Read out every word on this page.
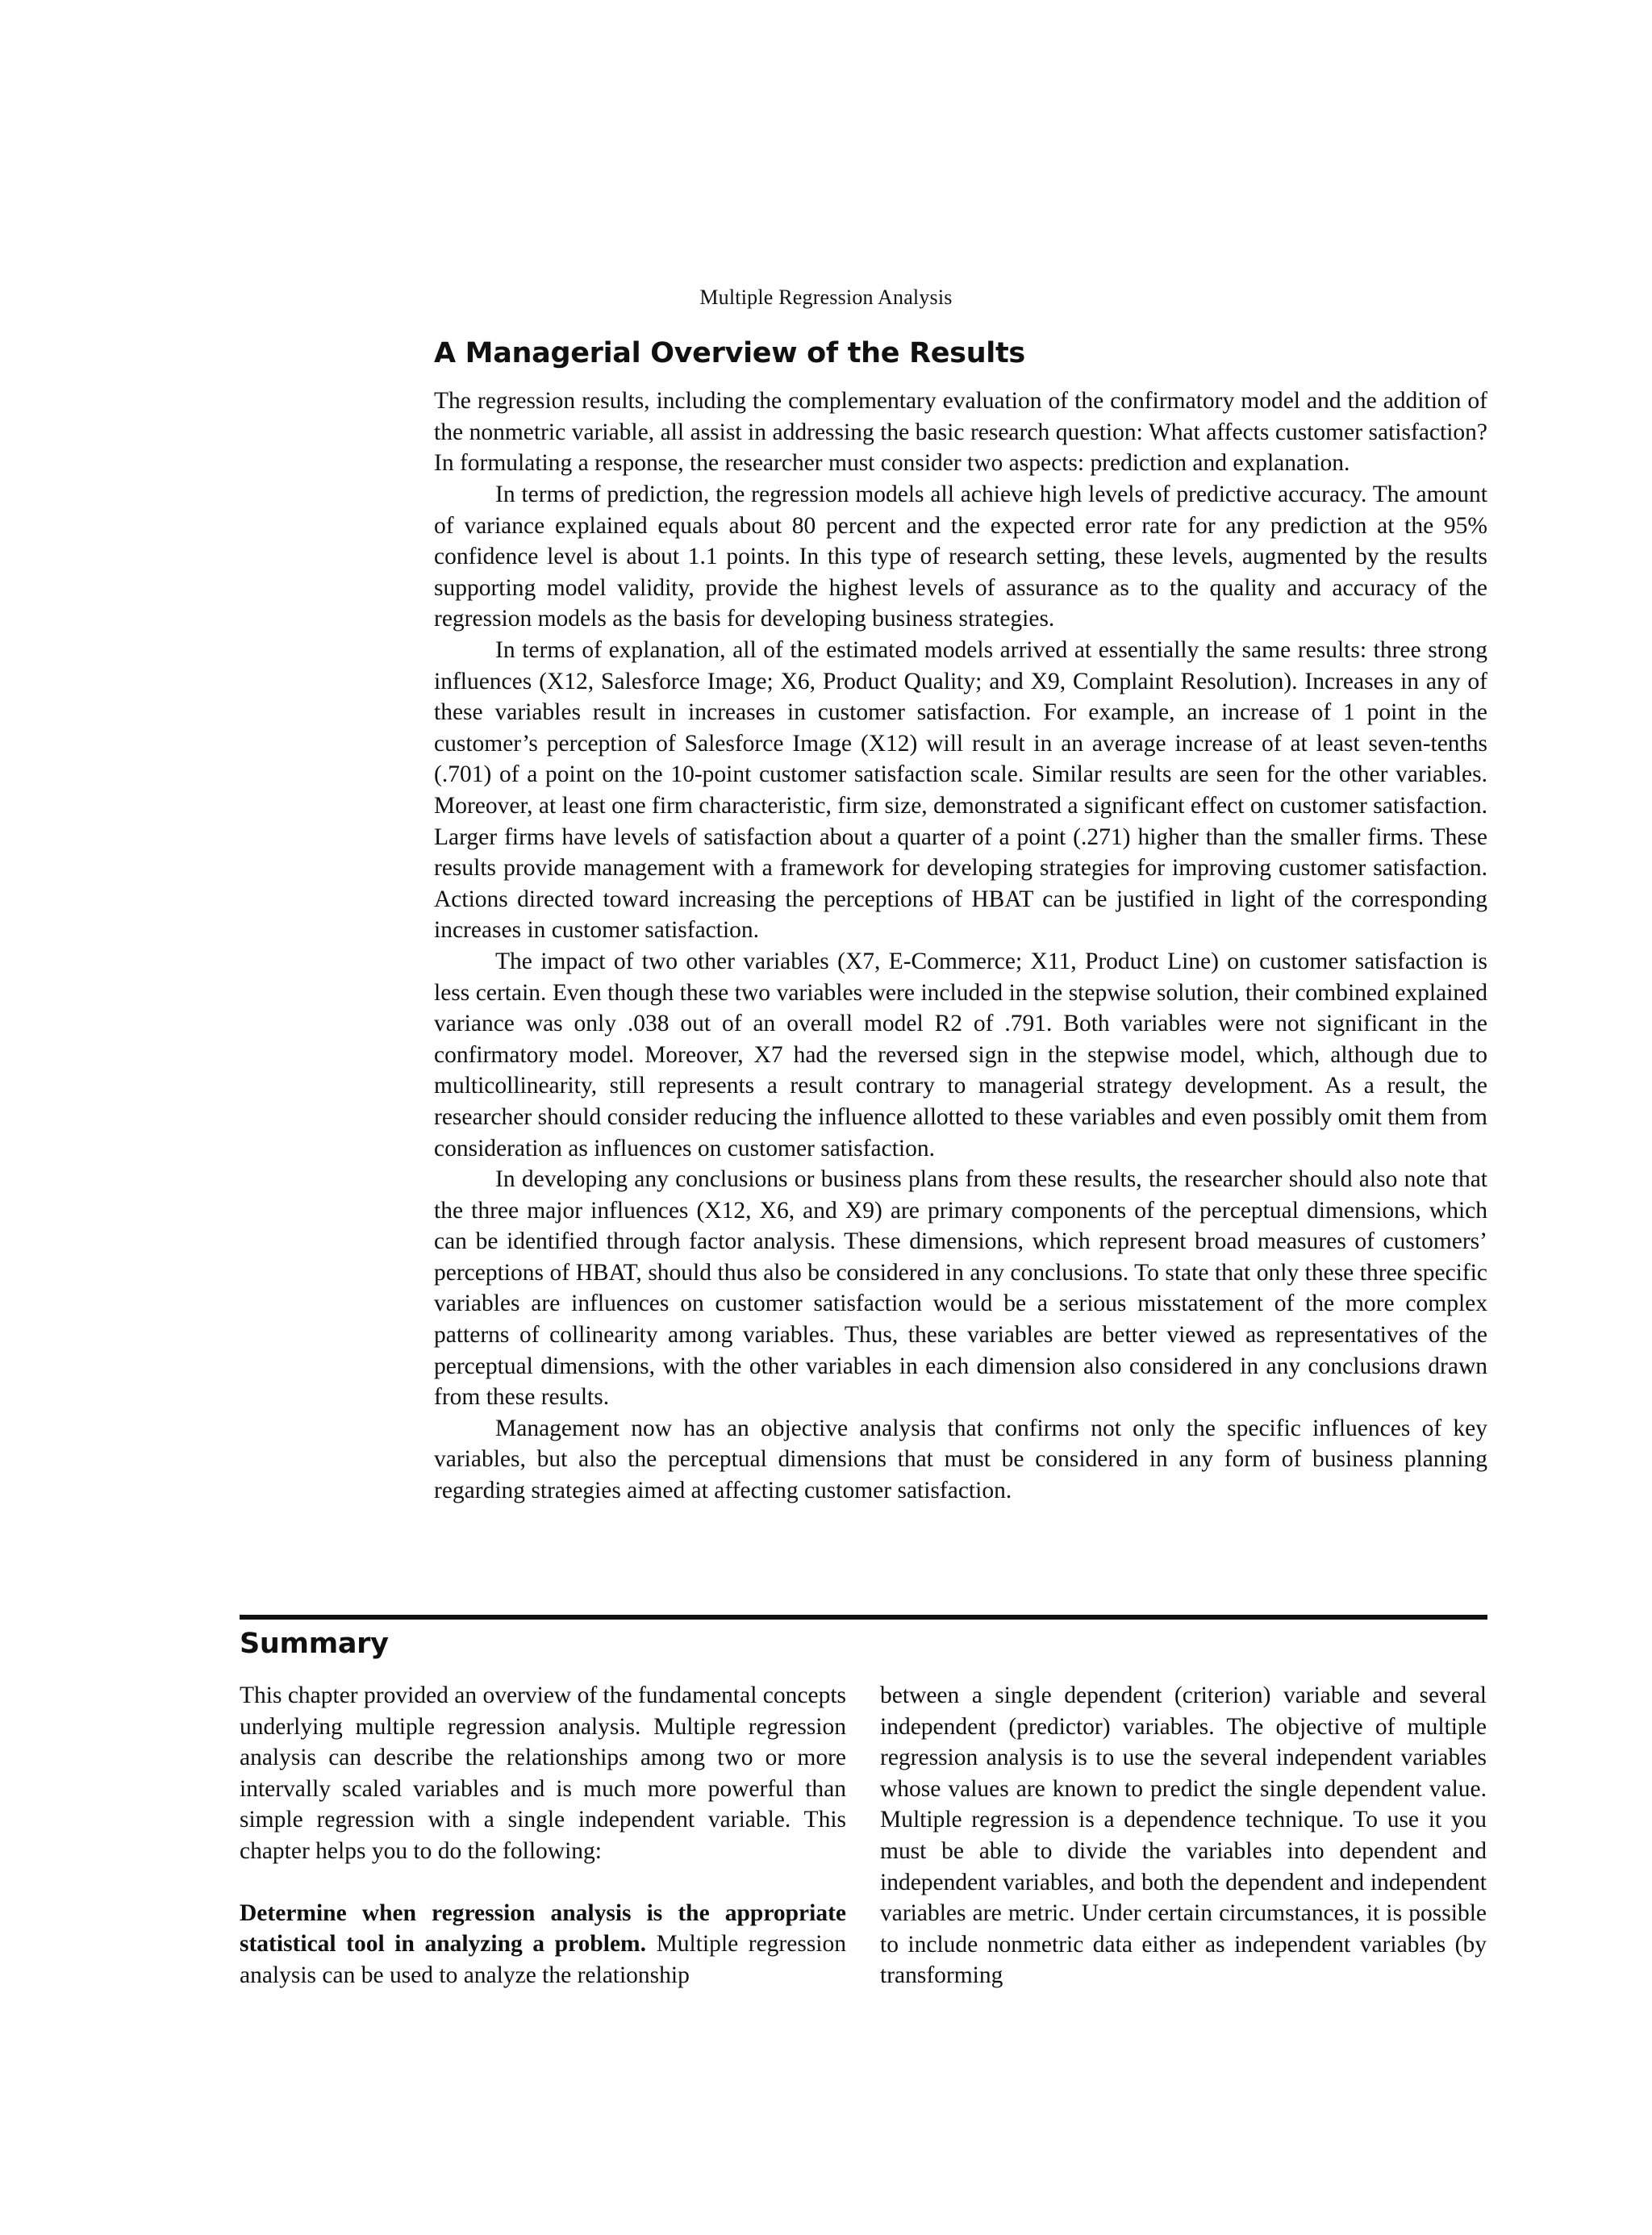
Multiple Regression Analysis
A Managerial Overview of the Results

The regression results, including the complementary evaluation of the confirmatory model and the addition of the nonmetric variable, all assist in addressing the basic research question: What affects customer satisfaction? In formulating a response, the researcher must consider two aspects: prediction and explanation.

In terms of prediction, the regression models all achieve high levels of predictive accuracy. The amount of variance explained equals about 80 percent and the expected error rate for any prediction at the 95% confidence level is about 1.1 points. In this type of research setting, these levels, augmented by the results supporting model validity, provide the highest levels of assurance as to the quality and accuracy of the regression models as the basis for developing business strategies.

In terms of explanation, all of the estimated models arrived at essentially the same results: three strong influences (X12, Salesforce Image; X6, Product Quality; and X9, Complaint Resolution). Increases in any of these variables result in increases in customer satisfaction. For example, an increase of 1 point in the customer’s perception of Salesforce Image (X12) will result in an average increase of at least seven-tenths (.701) of a point on the 10-point customer satisfaction scale. Similar results are seen for the other variables. Moreover, at least one firm characteristic, firm size, demonstrated a significant effect on customer satisfaction. Larger firms have levels of satisfaction about a quarter of a point (.271) higher than the smaller firms. These results provide management with a framework for developing strategies for improving customer satisfaction. Actions directed toward increasing the perceptions of HBAT can be justified in light of the corresponding increases in customer satisfaction.

The impact of two other variables (X7, E-Commerce; X11, Product Line) on customer satisfaction is less certain. Even though these two variables were included in the stepwise solution, their combined explained variance was only .038 out of an overall model R2 of .791. Both variables were not significant in the confirmatory model. Moreover, X7 had the reversed sign in the stepwise model, which, although due to multicollinearity, still represents a result contrary to managerial strategy development. As a result, the researcher should consider reducing the influence allotted to these variables and even possibly omit them from consideration as influences on customer satisfaction.

In developing any conclusions or business plans from these results, the researcher should also note that the three major influences (X12, X6, and X9) are primary components of the perceptual dimensions, which can be identified through factor analysis. These dimensions, which represent broad measures of customers’ perceptions of HBAT, should thus also be considered in any conclusions. To state that only these three specific variables are influences on customer satisfaction would be a serious misstatement of the more complex patterns of collinearity among variables. Thus, these variables are better viewed as representatives of the perceptual dimensions, with the other variables in each dimension also considered in any conclusions drawn from these results.

Management now has an objective analysis that confirms not only the specific influences of key variables, but also the perceptual dimensions that must be considered in any form of business planning regarding strategies aimed at affecting customer satisfaction.

Summary

This chapter provided an overview of the fundamental concepts underlying multiple regression analysis. Multiple regression analysis can describe the relationships among two or more intervally scaled variables and is much more powerful than simple regression with a single independent variable. This chapter helps you to do the following:

Determine when regression analysis is the appropriate statistical tool in analyzing a problem. Multiple regression analysis can be used to analyze the relationship

between a single dependent (criterion) variable and several independent (predictor) variables. The objective of multiple regression analysis is to use the several independent variables whose values are known to predict the single dependent value. Multiple regression is a dependence technique. To use it you must be able to divide the variables into dependent and independent variables, and both the dependent and independent variables are metric. Under certain circumstances, it is possible to include nonmetric data either as independent variables (by transforming
